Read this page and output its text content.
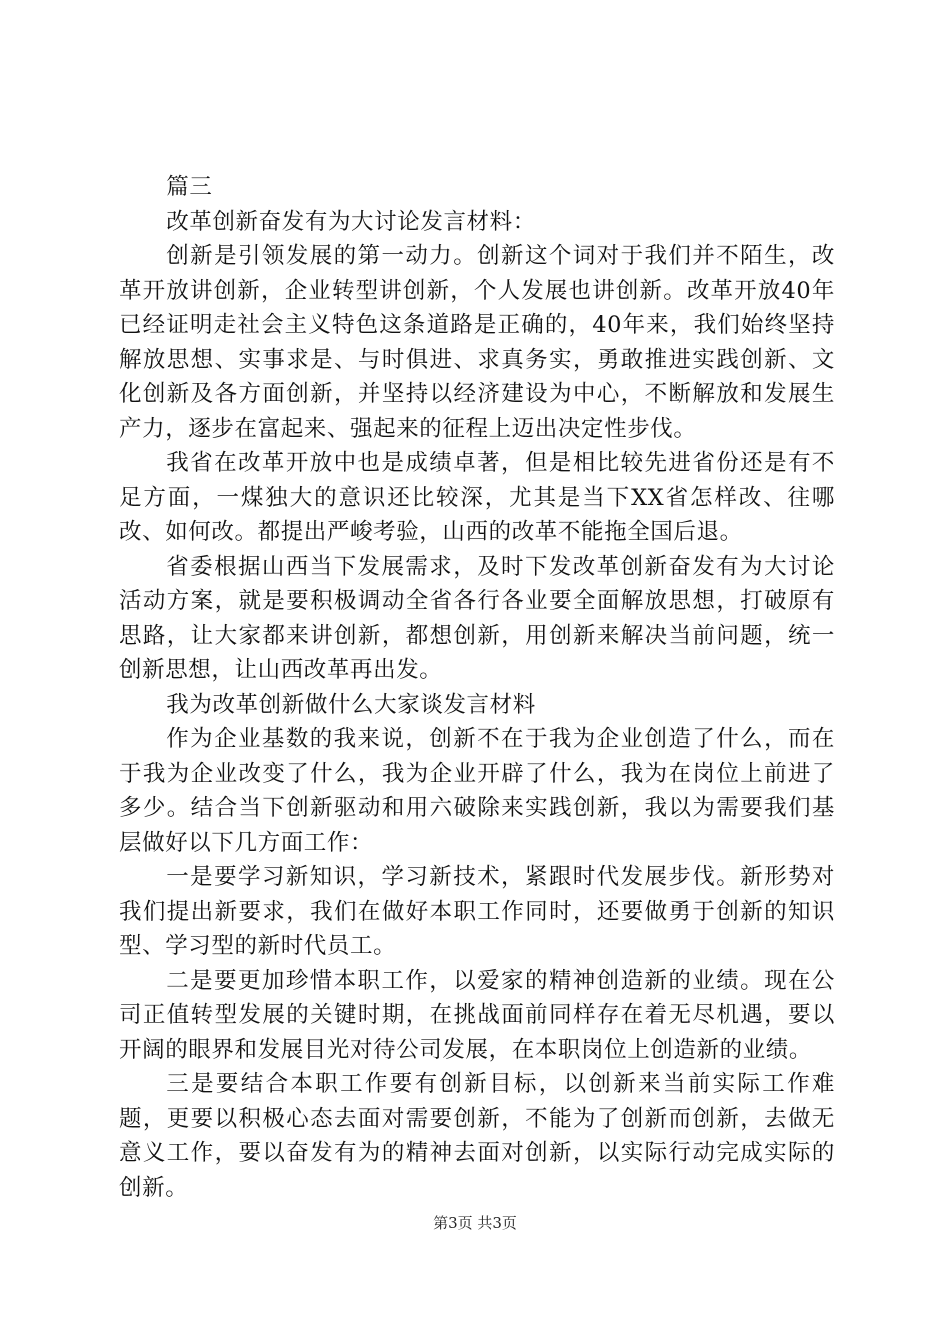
篇三

改革创新奋发有为大讨论发言材料：

创新是引领发展的第一动力。创新这个词对于我们并不陌生，改革开放讲创新，企业转型讲创新，个人发展也讲创新。改革开放40年已经证明走社会主义特色这条道路是正确的，40年来，我们始终坚持解放思想、实事求是、与时俱进、求真务实，勇敢推进实践创新、文化创新及各方面创新，并坚持以经济建设为中心，不断解放和发展生产力，逐步在富起来、强起来的征程上迈出决定性步伐。

我省在改革开放中也是成绩卓著，但是相比较先进省份还是有不足方面，一煤独大的意识还比较深，尤其是当下XX省怎样改、往哪改、如何改。都提出严峻考验，山西的改革不能拖全国后退。

省委根据山西当下发展需求，及时下发改革创新奋发有为大讨论活动方案，就是要积极调动全省各行各业要全面解放思想，打破原有思路，让大家都来讲创新，都想创新，用创新来解决当前问题，统一创新思想，让山西改革再出发。

我为改革创新做什么大家谈发言材料

作为企业基数的我来说，创新不在于我为企业创造了什么，而在于我为企业改变了什么，我为企业开辟了什么，我为在岗位上前进了多少。结合当下创新驱动和用六破除来实践创新，我以为需要我们基层做好以下几方面工作：

一是要学习新知识，学习新技术，紧跟时代发展步伐。新形势对我们提出新要求，我们在做好本职工作同时，还要做勇于创新的知识型、学习型的新时代员工。

二是要更加珍惜本职工作，以爱家的精神创造新的业绩。现在公司正值转型发展的关键时期，在挑战面前同样存在着无尽机遇，要以开阔的眼界和发展目光对待公司发展，在本职岗位上创造新的业绩。

三是要结合本职工作要有创新目标，以创新来当前实际工作难题，更要以积极心态去面对需要创新，不能为了创新而创新，去做无意义工作，要以奋发有为的精神去面对创新，以实际行动完成实际的创新。

第3页 共3页
